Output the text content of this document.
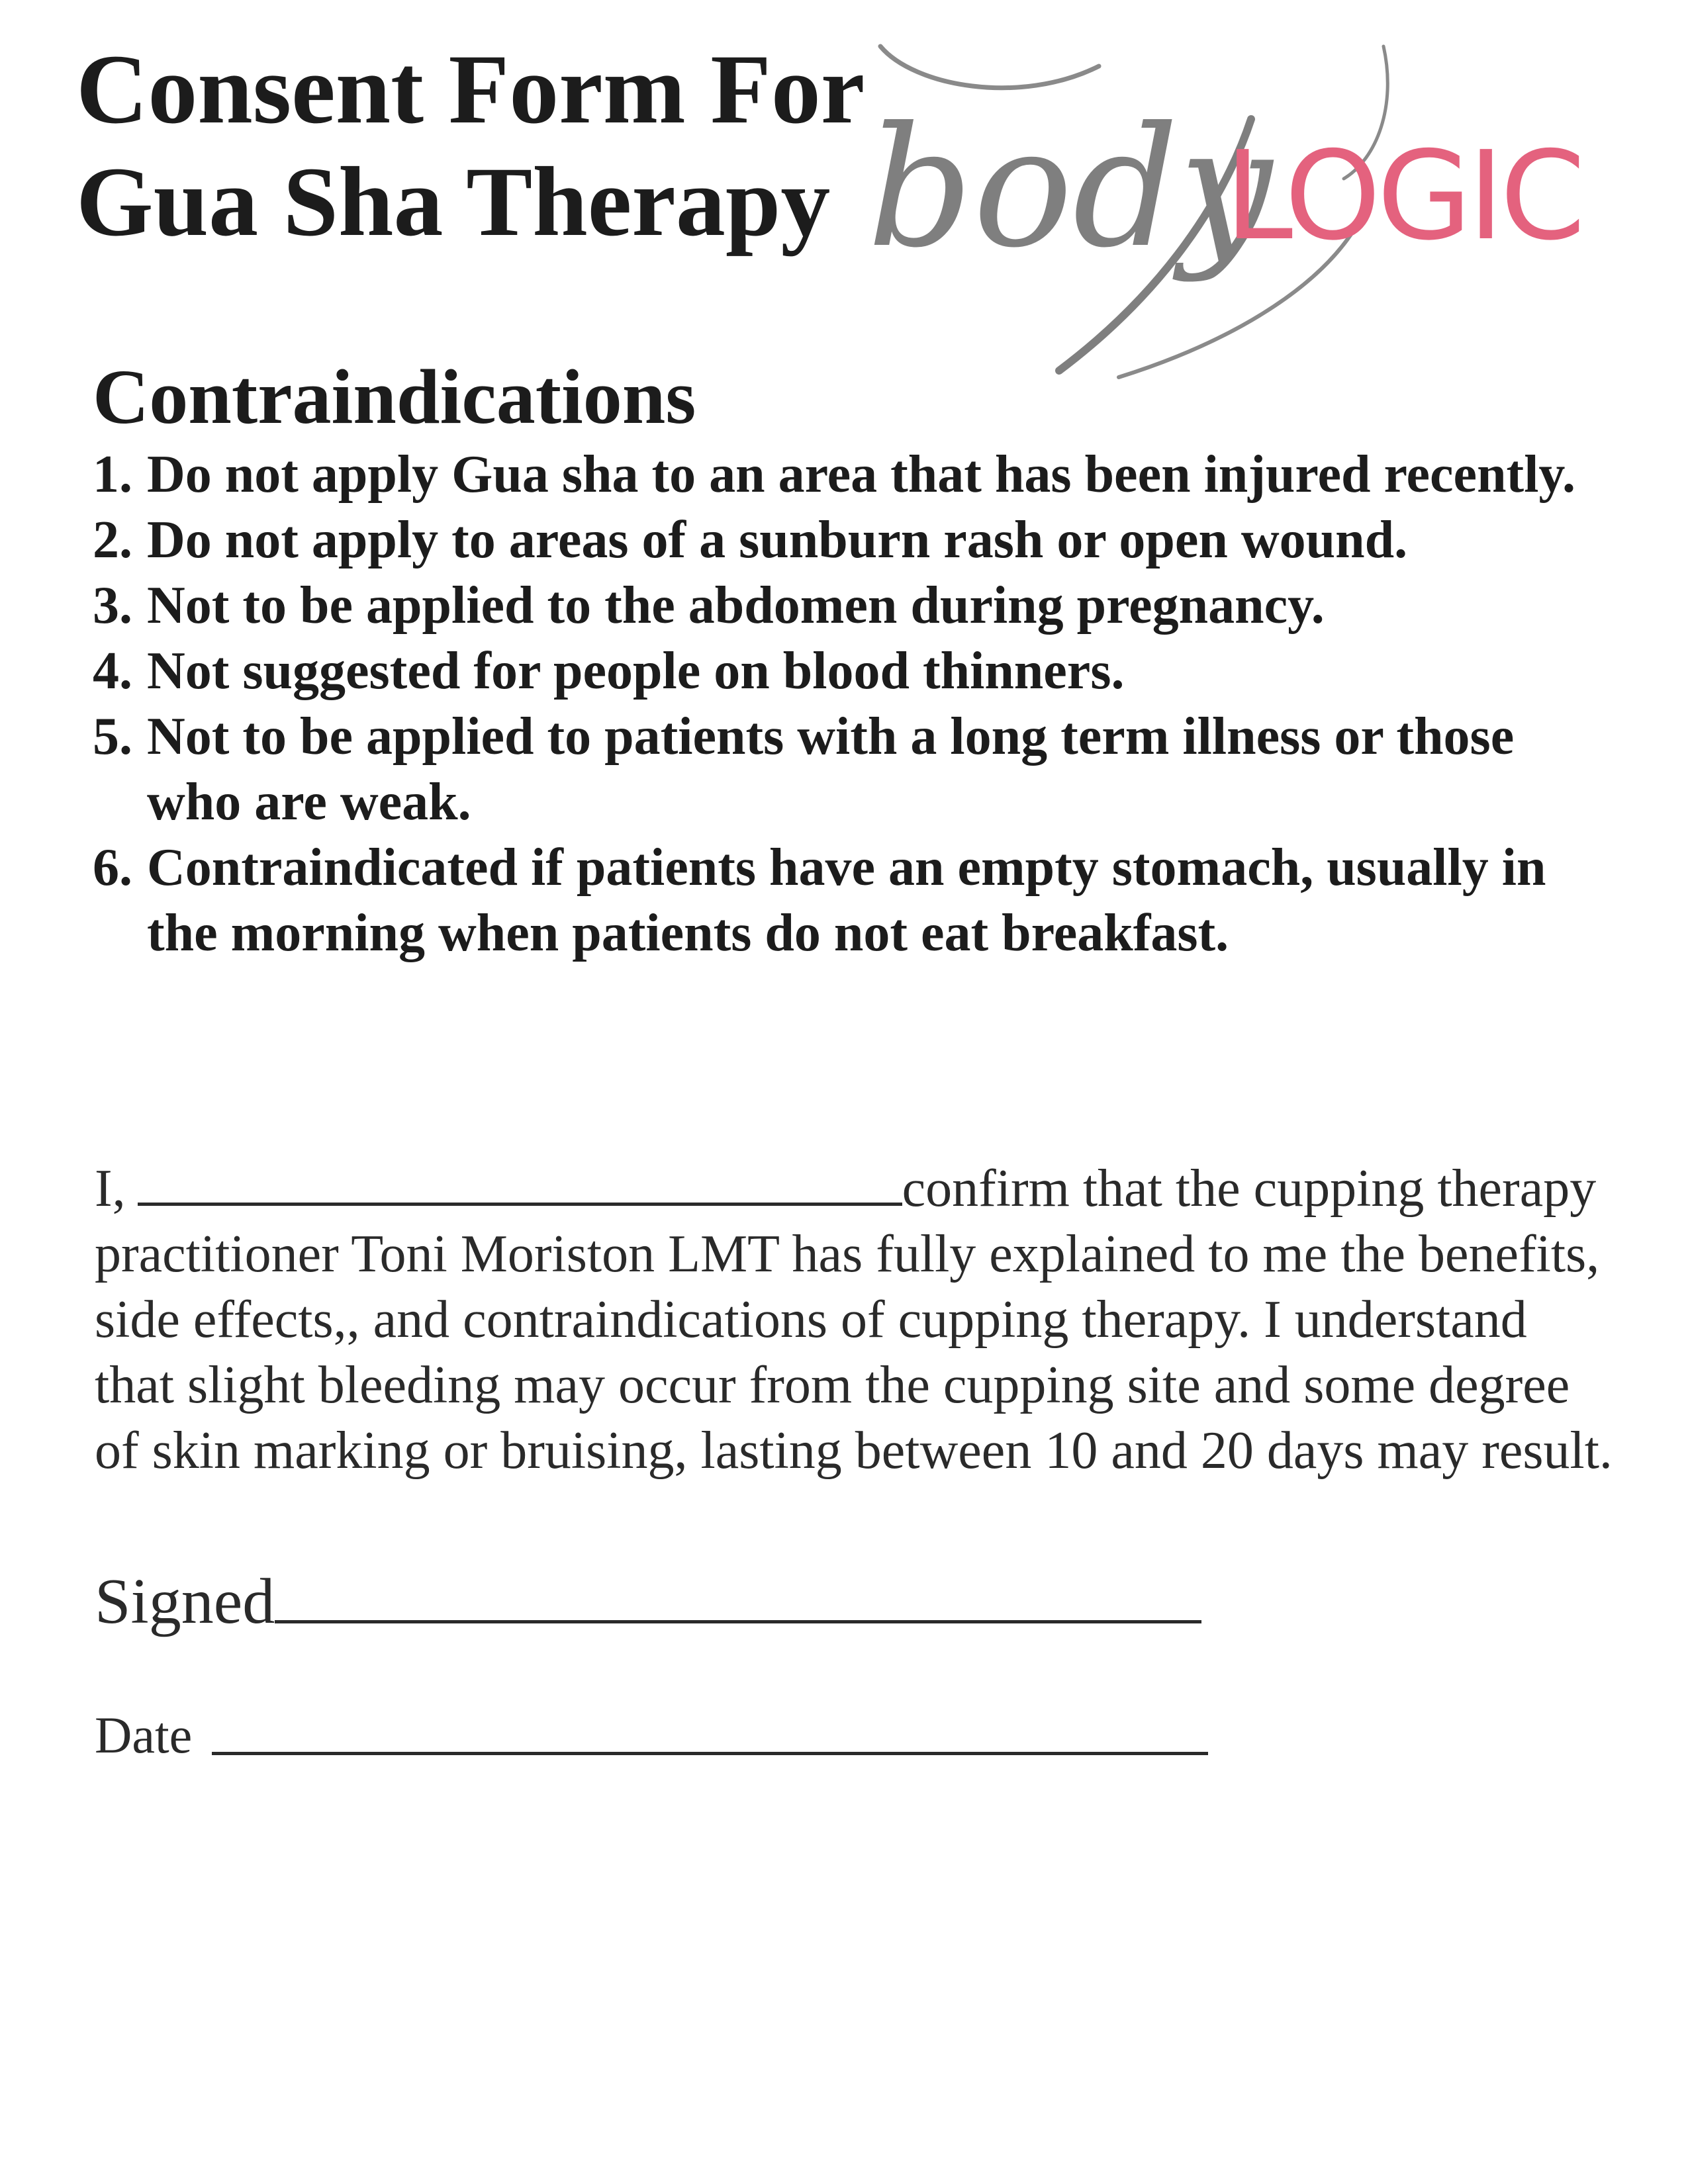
Consent Form For
Gua Sha Therapy body
LOGIC
Contraindications
1. Do not apply Gua sha to an area that has been injured recently.
2. Do not apply to areas of a sunburn rash or open wound.
3. Not to be applied to the abdomen during pregnancy.
4. Not suggested for people on blood thinners.
5. Not to be applied to patients with a long term illness or those who are weak.
6. Contraindicated if patients have an empty stomach, usually in the morning when patients do not eat breakfast.

I,	confirm that the cupping therapy

practitioner Toni Moriston LMT has fully explained to me the benefits,

side effects,, and contraindications of cupping therapy. I understand

that slight bleeding may occur from the cupping site and some degree

of skin marking or bruising, lasting between 10 and 20 days may result.

Signed
Date
